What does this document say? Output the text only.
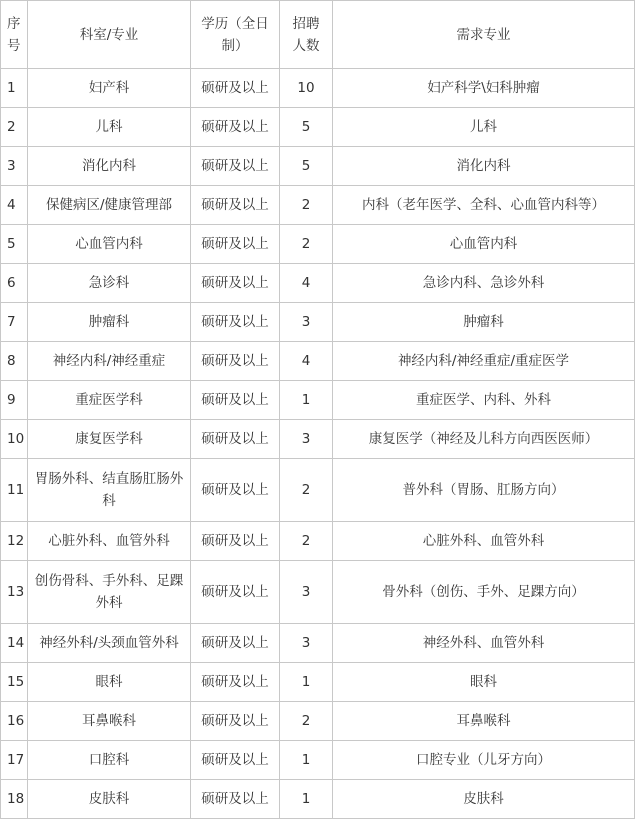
序号	科室/专业	学历（全日制）	招聘人数	需求专业
1	妇产科	硕研及以上	10	妇产科学\妇科肿瘤
2	儿科	硕研及以上	5	儿科
3	消化内科	硕研及以上	5	消化内科
4	保健病区/健康管理部	硕研及以上	2	内科（老年医学、全科、心血管内科等）
5	心血管内科	硕研及以上	2	心血管内科
6	急诊科	硕研及以上	4	急诊内科、急诊外科
7	肿瘤科	硕研及以上	3	肿瘤科
8	神经内科/神经重症	硕研及以上	4	神经内科/神经重症/重症医学
9	重症医学科	硕研及以上	1	重症医学、内科、外科
10	康复医学科	硕研及以上	3	康复医学（神经及儿科方向西医医师）
11	胃肠外科、结直肠肛肠外科	硕研及以上	2	普外科（胃肠、肛肠方向）
12	心脏外科、血管外科	硕研及以上	2	心脏外科、血管外科
13	创伤骨科、手外科、足踝外科	硕研及以上	3	骨外科（创伤、手外、足踝方向）
14	神经外科/头颈血管外科	硕研及以上	3	神经外科、血管外科
15	眼科	硕研及以上	1	眼科
16	耳鼻喉科	硕研及以上	2	耳鼻喉科
17	口腔科	硕研及以上	1	口腔专业（儿牙方向）
18	皮肤科	硕研及以上	1	皮肤科
